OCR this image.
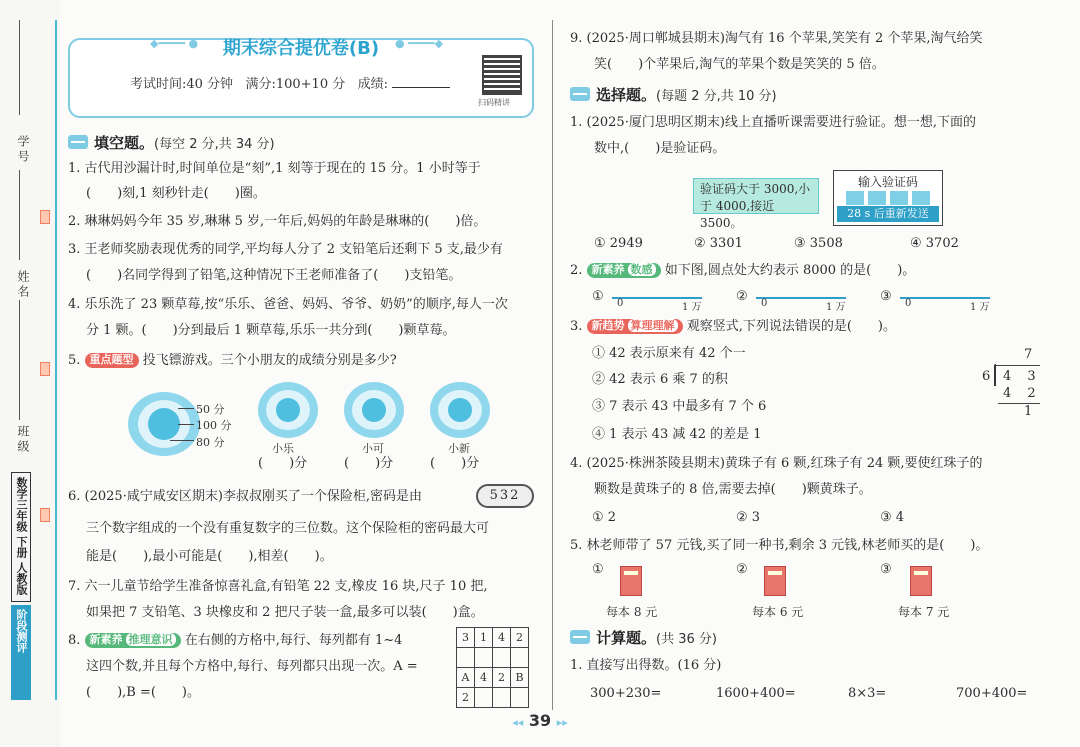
学号
姓名
班级
数学三年级 下册 人教版
阶段测评
期末综合提优卷(B)
◆━━━━ ●	● ━━━━◆
考试时间:40 分钟 满分:100+10 分 成绩:
扫码精讲
填空题。(每空 2 分,共 34 分)
1. 古代用沙漏计时,时间单位是“刻”,1 刻等于现在的 15 分。1 小时等于
(　　)刻,1 刻秒针走(　　)圈。
2. 琳琳妈妈今年 35 岁,琳琳 5 岁,一年后,妈妈的年龄是琳琳的(　　)倍。
3. 王老师奖励表现优秀的同学,平均每人分了 2 支铅笔后还剩下 5 支,最少有
(　　)名同学得到了铅笔,这种情况下王老师准备了(　　)支铅笔。
4. 乐乐洗了 23 颗草莓,按“乐乐、爸爸、妈妈、爷爷、奶奶”的顺序,每人一次
分 1 颗。(　　)分到最后 1 颗草莓,乐乐一共分到(　　)颗草莓。
5. 重点题型 投飞镖游戏。三个小朋友的成绩分别是多少?
50 分
100 分
80 分	小乐
(　　)分
小可
(　　)分
小新
(　　)分
6. (2025·咸宁咸安区期末)李叔叔刚买了一个保险柜,密码是由	532
三个数字组成的一个没有重复数字的三位数。这个保险柜的密码最大可
能是(　　),最小可能是(　　),相差(　　)。
7. 六一儿童节给学生准备惊喜礼盒,有铅笔 22 支,橡皮 16 块,尺子 10 把,
如果把 7 支铅笔、3 块橡皮和 2 把尺子装一盒,最多可以装(　　)盒。
8. 新素养 推理意识 在右侧的方格中,每行、每列都有 1~4
这四个数,并且每个方格中,每行、每列都只出现一次。A =
(　　),B =(　　)。
3	1	4	2

A	4	2	B
2			
9. (2025·周口郸城县期末)淘气有 16 个苹果,笑笑有 2 个苹果,淘气给笑
笑(　　)个苹果后,淘气的苹果个数是笑笑的 5 倍。
选择题。(每题 2 分,共 10 分)
1. (2025·厦门思明区期末)线上直播听课需要进行验证。想一想,下面的
数中,(　　)是验证码。
验证码大于 3000,小于 4000,接近3500。
输入验证码
28 s 后重新发送
① 2949	② 3301	③ 3508	④ 3702
2. 新素养 数感 如下图,圆点处大约表示 8000 的是(　　)。
① 0	1 万
② 0	1 万
③ 0	1 万
3. 新趋势 算理理解 观察竖式,下列说法错误的是(　　)。
① 42 表示原来有 42 个一
② 42 表示 6 乘 7 的积
③ 7 表示 43 中最多有 7 个 6
④ 1 表示 43 减 42 的差是 1
7
6 4 3
4 2
1
4. (2025·株洲茶陵县期末)黄珠子有 6 颗,红珠子有 24 颗,要使红珠子的
颗数是黄珠子的 8 倍,需要去掉(　　)颗黄珠子。
① 2	② 3	③ 4
5. 林老师带了 57 元钱,买了同一种书,剩余 3 元钱,林老师买的是(　　)。
①
每本 8 元
②
每本 6 元
③
每本 7 元
计算题。(共 36 分)
1. 直接写出得数。(16 分)
300+230=	1600+400=	8×3=	700+400=
◂◂ 39 ▸▸
